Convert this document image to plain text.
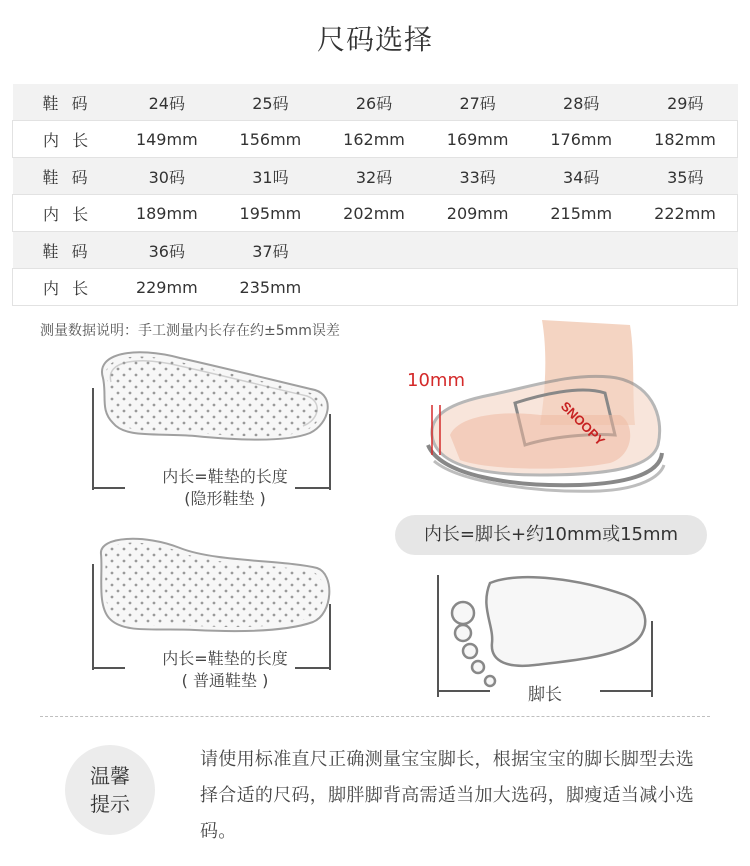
尺码选择
鞋 码	24码	25码	26码	27码	28码	29码
内 长	149mm	156mm	162mm	169mm	176mm	182mm
鞋 码	30码	31吗	32码	33码	34码	35码
内 长	189mm	195mm	202mm	209mm	215mm	222mm
鞋 码	36码	37码				
内 长	229mm	235mm				
测量数据说明：手工测量内长存在约±5mm误差
内长=鞋垫的长度
(隐形鞋垫 )
内长=鞋垫的长度
( 普通鞋垫 )
SNOOPY
10mm
内长=脚长+约10mm或15mm
脚长
温馨
提示
请使用标准直尺正确测量宝宝脚长，根据宝宝的脚长脚型去选择合适的尺码，脚胖脚背高需适当加大选码，脚瘦适当减小选码。
